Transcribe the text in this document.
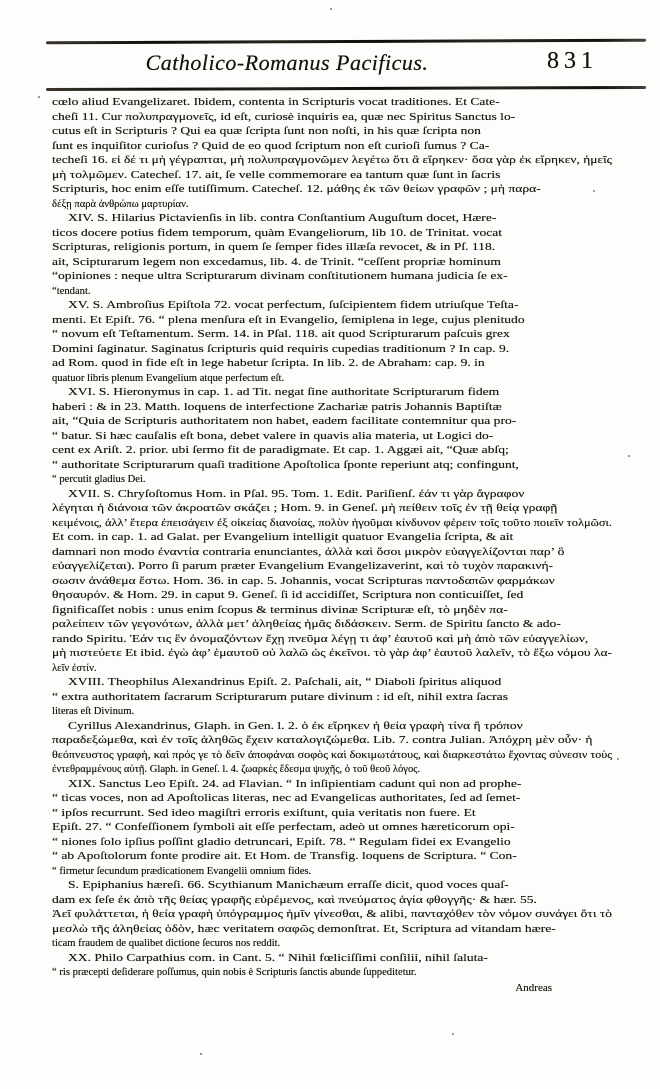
Catholico-Romanus Pacificus.	831
cœlo aliud Evangelizaret. Ibidem, contenta in Scripturis vocat traditiones. Et Cate-
cheſi 11. Cur πολυπραγμονεῖς, id eſt, curiosè inquiris ea, quæ nec Spiritus Sanctus lo-
cutus eſt in Scripturis ? Qui ea quæ ſcripta ſunt non noſti, in his quæ ſcripta non
ſunt es inquiſitor curioſus ? Quid de eo quod ſcriptum non eſt curioſi ſumus ? Ca-
techeſi 16. εἰ δέ τι μὴ γέγραπται, μὴ πολυπραγμονῶμεν λεγέτω ὅτι ἃ εἴρηκεν· ὅσα γὰρ ἐκ εἴρηκεν, ἡμεῖς
μὴ τολμῶμεν. Catecheſ. 17. ait, ſe velle commemorare ea tantum quæ ſunt in ſacris
Scripturis, hoc enim eſſe tutiſſimum. Catecheſ. 12. μάθης ἐκ τῶν θείων γραφῶν ; μὴ παρα-
δέξῃ παρὰ ἀνθρώπω μαρτυρίαν.
XIV. S. Hilarius Pictavienſis in lib. contra Conſtantium Auguſtum docet, Hære-
ticos docere potius fidem temporum, quàm Evangeliorum, lib 10. de Trinitat. vocat
Scripturas, religionis portum, in quem ſe ſemper fides illæſa revocet, & in Pſ. 118.
ait, Scipturarum legem non excedamus, lib. 4. de Trinit. “ceſſent propriæ hominum
“opiniones : neque ultra Scripturarum divinam conſtitutionem humana judicia ſe ex-
“tendant.
XV. S. Ambroſius Epiſtola 72. vocat perfectum, ſuſcipientem fidem utriuſque Teſta-
menti. Et Epiſt. 76. “ plena menſura eſt in Evangelio, ſemiplena in lege, cujus plenitudo
“ novum eſt Teſtamentum. Serm. 14. in Pſal. 118. ait quod Scripturarum paſcuis grex
Domini ſaginatur. Saginatus ſcripturis quid requiris cupedias traditionum ? In cap. 9.
ad Rom. quod in fide eſt in lege habetur ſcripta. In lib. 2. de Abraham: cap. 9. in
quatuor libris plenum Evangelium atque perfectum eſt.
XVI. S. Hieronymus in cap. 1. ad Tit. negat ſine authoritate Scripturarum fidem
haberi : & in 23. Matth. loquens de interfectione Zachariæ patris Johannis Baptiſtæ
ait, “Quia de Scripturis authoritatem non habet, eadem facilitate contemnitur qua pro-
“ batur. Si hæc cauſalis eſt bona, debet valere in quavis alia materia, ut Logici do-
cent ex Ariſt. 2. prior. ubi ſermo fit de paradigmate. Et cap. 1. Aggæi ait, “Quæ abſq;
“ authoritate Scripturarum quaſi traditione Apoſtolica ſponte reperiunt atq; confingunt,
“ percutit gladius Dei.
XVII. S. Chryſoſtomus Hom. in Pſal. 95. Tom. 1. Edit. Pariſienſ. ἐάν τι γὰρ ἄγραφον
λέγηται ἡ διάνοια τῶν ἀκροατῶν σκάζει ; Hom. 9. in Geneſ. μὴ πείθειν τοῖς ἐν τῇ θείᾳ γραφῇ
κειμένοις, ἀλλ’ ἕτερα ἐπεισάγειν ἐξ οἰκείας διανοίας, πολὺν ἡγοῦμαι κίνδυνον φέρειν τοῖς τοῦτο ποιεῖν τολμῶσι.
Et com. in cap. 1. ad Galat. per Evangelium intelligit quatuor Evangelia ſcripta, & ait
damnari non modo ἐναντία contraria enunciantes, ἀλλὰ καὶ ὅσοι μικρὸν εὐαγγελίζονται παρ’ ὃ
εὐαγγελίζεται). Porro ſi parum præter Evangelium Evangelizaverint, καὶ τὸ τυχὸν παρακινή-
σωσιν ἀνάθεμα ἔστω. Hom. 36. in cap. 5. Johannis, vocat Scripturas παντοδαπῶν φαρμάκων
θησαυρόν. & Hom. 29. in caput 9. Geneſ. ſi id accidiſſet, Scriptura non conticuiſſet, ſed
ſignificaſſet nobis : unus enim ſcopus & terminus divinæ Scripturæ eſt, τὸ μηδὲν πα-
ραλείπειν τῶν γεγονότων, ἀλλὰ μετ’ ἀληθείας ἡμᾶς διδάσκειν. Serm. de Spiritu ſancto & ado-
rando Spiritu. Ἐάν τις ἓν ὀνομαζόντων ἔχῃ πνεῦμα λέγῃ τι ἀφ’ ἑαυτοῦ καὶ μὴ ἀπὸ τῶν εὐαγγελίων,
μὴ πιστεύετε Et ibid. ἐγὼ ἀφ’ ἑμαυτοῦ οὐ λαλῶ ὡς ἐκεῖνοι. τὸ γὰρ ἀφ’ ἑαυτοῦ λαλεῖν, τὸ ἔξω νόμου λα-
λεῖν ἐστίν.
XVIII. Theophilus Alexandrinus Epiſt. 2. Paſchali, ait, “ Diaboli ſpiritus aliquod
“ extra authoritatem ſacrarum Scripturarum putare divinum : id eſt, nihil extra ſacras
literas eſt Divinum.
Cyrillus Alexandrinus, Glaph. in Gen. l. 2. ὁ ἐκ εἴρηκεν ἡ θεία γραφὴ τίνα ἢ τρόπον
παραδεξώμεθα, καὶ ἐν τοῖς ἀληθῶς ἔχειν καταλογιζώμεθα. Lib. 7. contra Julian. Ἀπόχρη μὲν οὖν· ἡ
θεόπνευστος γραφὴ, καὶ πρός γε τὸ δεῖν ἀποφάναι σοφὸς καὶ δοκιμωτάτους, καὶ διαρκεστάτω ἔχοντας σύνεσιν τοὺς
ἐντεθραμμένους αὐτῇ. Glaph. in Geneſ. l. 4. ζωαρκὲς ἔδεσμα ψυχῆς, ὁ τοῦ θεοῦ λόγος.
XIX. Sanctus Leo Epiſt. 24. ad Flavian. “ In inſipientiam cadunt qui non ad prophe-
“ ticas voces, non ad Apoſtolicas literas, nec ad Evangelicas authoritates, ſed ad ſemet-
“ ipſos recurrunt. Sed ideo magiſtri erroris exiſtunt, quia veritatis non fuere. Et
Epiſt. 27. “ Confeſſionem ſymboli ait eſſe perfectam, adeò ut omnes hæreticorum opi-
“ niones ſolo ipſius poſſint gladio detruncari, Epiſt. 78. “ Regulam fidei ex Evangelio
“ ab Apoſtolorum fonte prodire ait. Et Hom. de Transfig. loquens de Scriptura. “ Con-
“ firmetur ſecundum prædicationem Evangelii omnium fides.
S. Epiphanius hæreſi. 66. Scythianum Manichæum erraſſe dicit, quod voces quaſ-
dam ex ſeſe ἐκ ἀπὸ τῆς θείας γραφῆς εὑρέμενος, καὶ πνεύματος ἁγία φθογγῆς· & hær. 55.
Ἀεῖ φυλάττεται, ἡ θεία γραφὴ ὑπόγραμμος ἡμῖν γίνεσθαι, & alibi, πανταχόθεν τὸν νόμον συνάγει ὅτι τὸ
μεσλὼ τῆς ἀληθείας ὁδὸν, hæc veritatem σαφῶς demonſtrat. Et, Scriptura ad vitandam hære-
ticam fraudem de qualibet dictione ſecuros nos reddit.
XX. Philo Carpathius com. in Cant. 5. “ Nihil fœliciſſimi conſilii, nihil ſaluta-
“ ris præcepti deſiderare poſſumus, quin nobis è Scripturis ſanctis abunde ſuppeditetur.
Andreas
